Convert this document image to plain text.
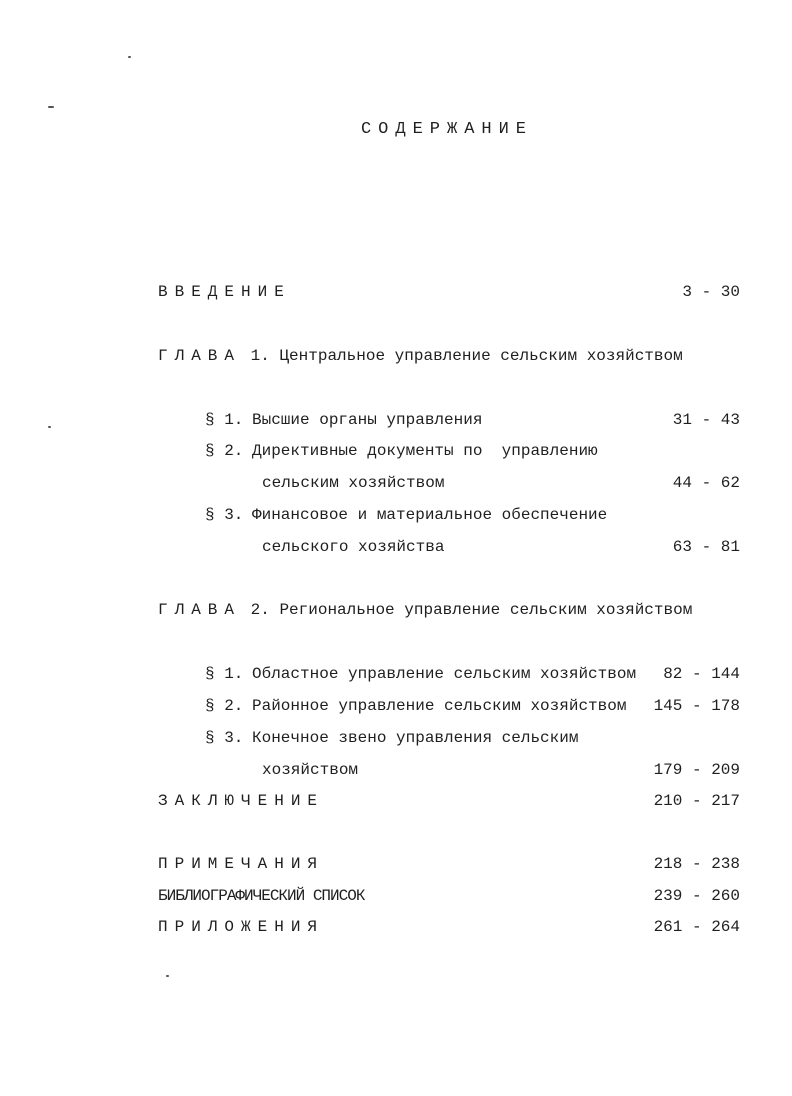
СОДЕРЖАНИЕ
ВВЕДЕНИЕ	3 - 30
ГЛАВА 1. Центральное управление сельским хозяйством
§ 1. Высшие органы управления	31 - 43
§ 2. Директивные документы по  управлению
сельским хозяйством	44 - 62
§ 3. Финансовое и материальное обеспечение
сельского хозяйства	63 - 81
ГЛАВА 2. Региональное управление сельским хозяйством
§ 1. Областное управление сельским хозяйством 82 - 144
§ 2. Районное управление сельским хозяйством 145 - 178
§ 3. Конечное звено управления сельским
хозяйством	179 - 209
ЗАКЛЮЧЕНИЕ	210 - 217
ПРИМЕЧАНИЯ	218 - 238
БИБЛИОГРАФИЧЕСКИЙ СПИСОК	239 - 260
ПРИЛОЖЕНИЯ	261 - 264
